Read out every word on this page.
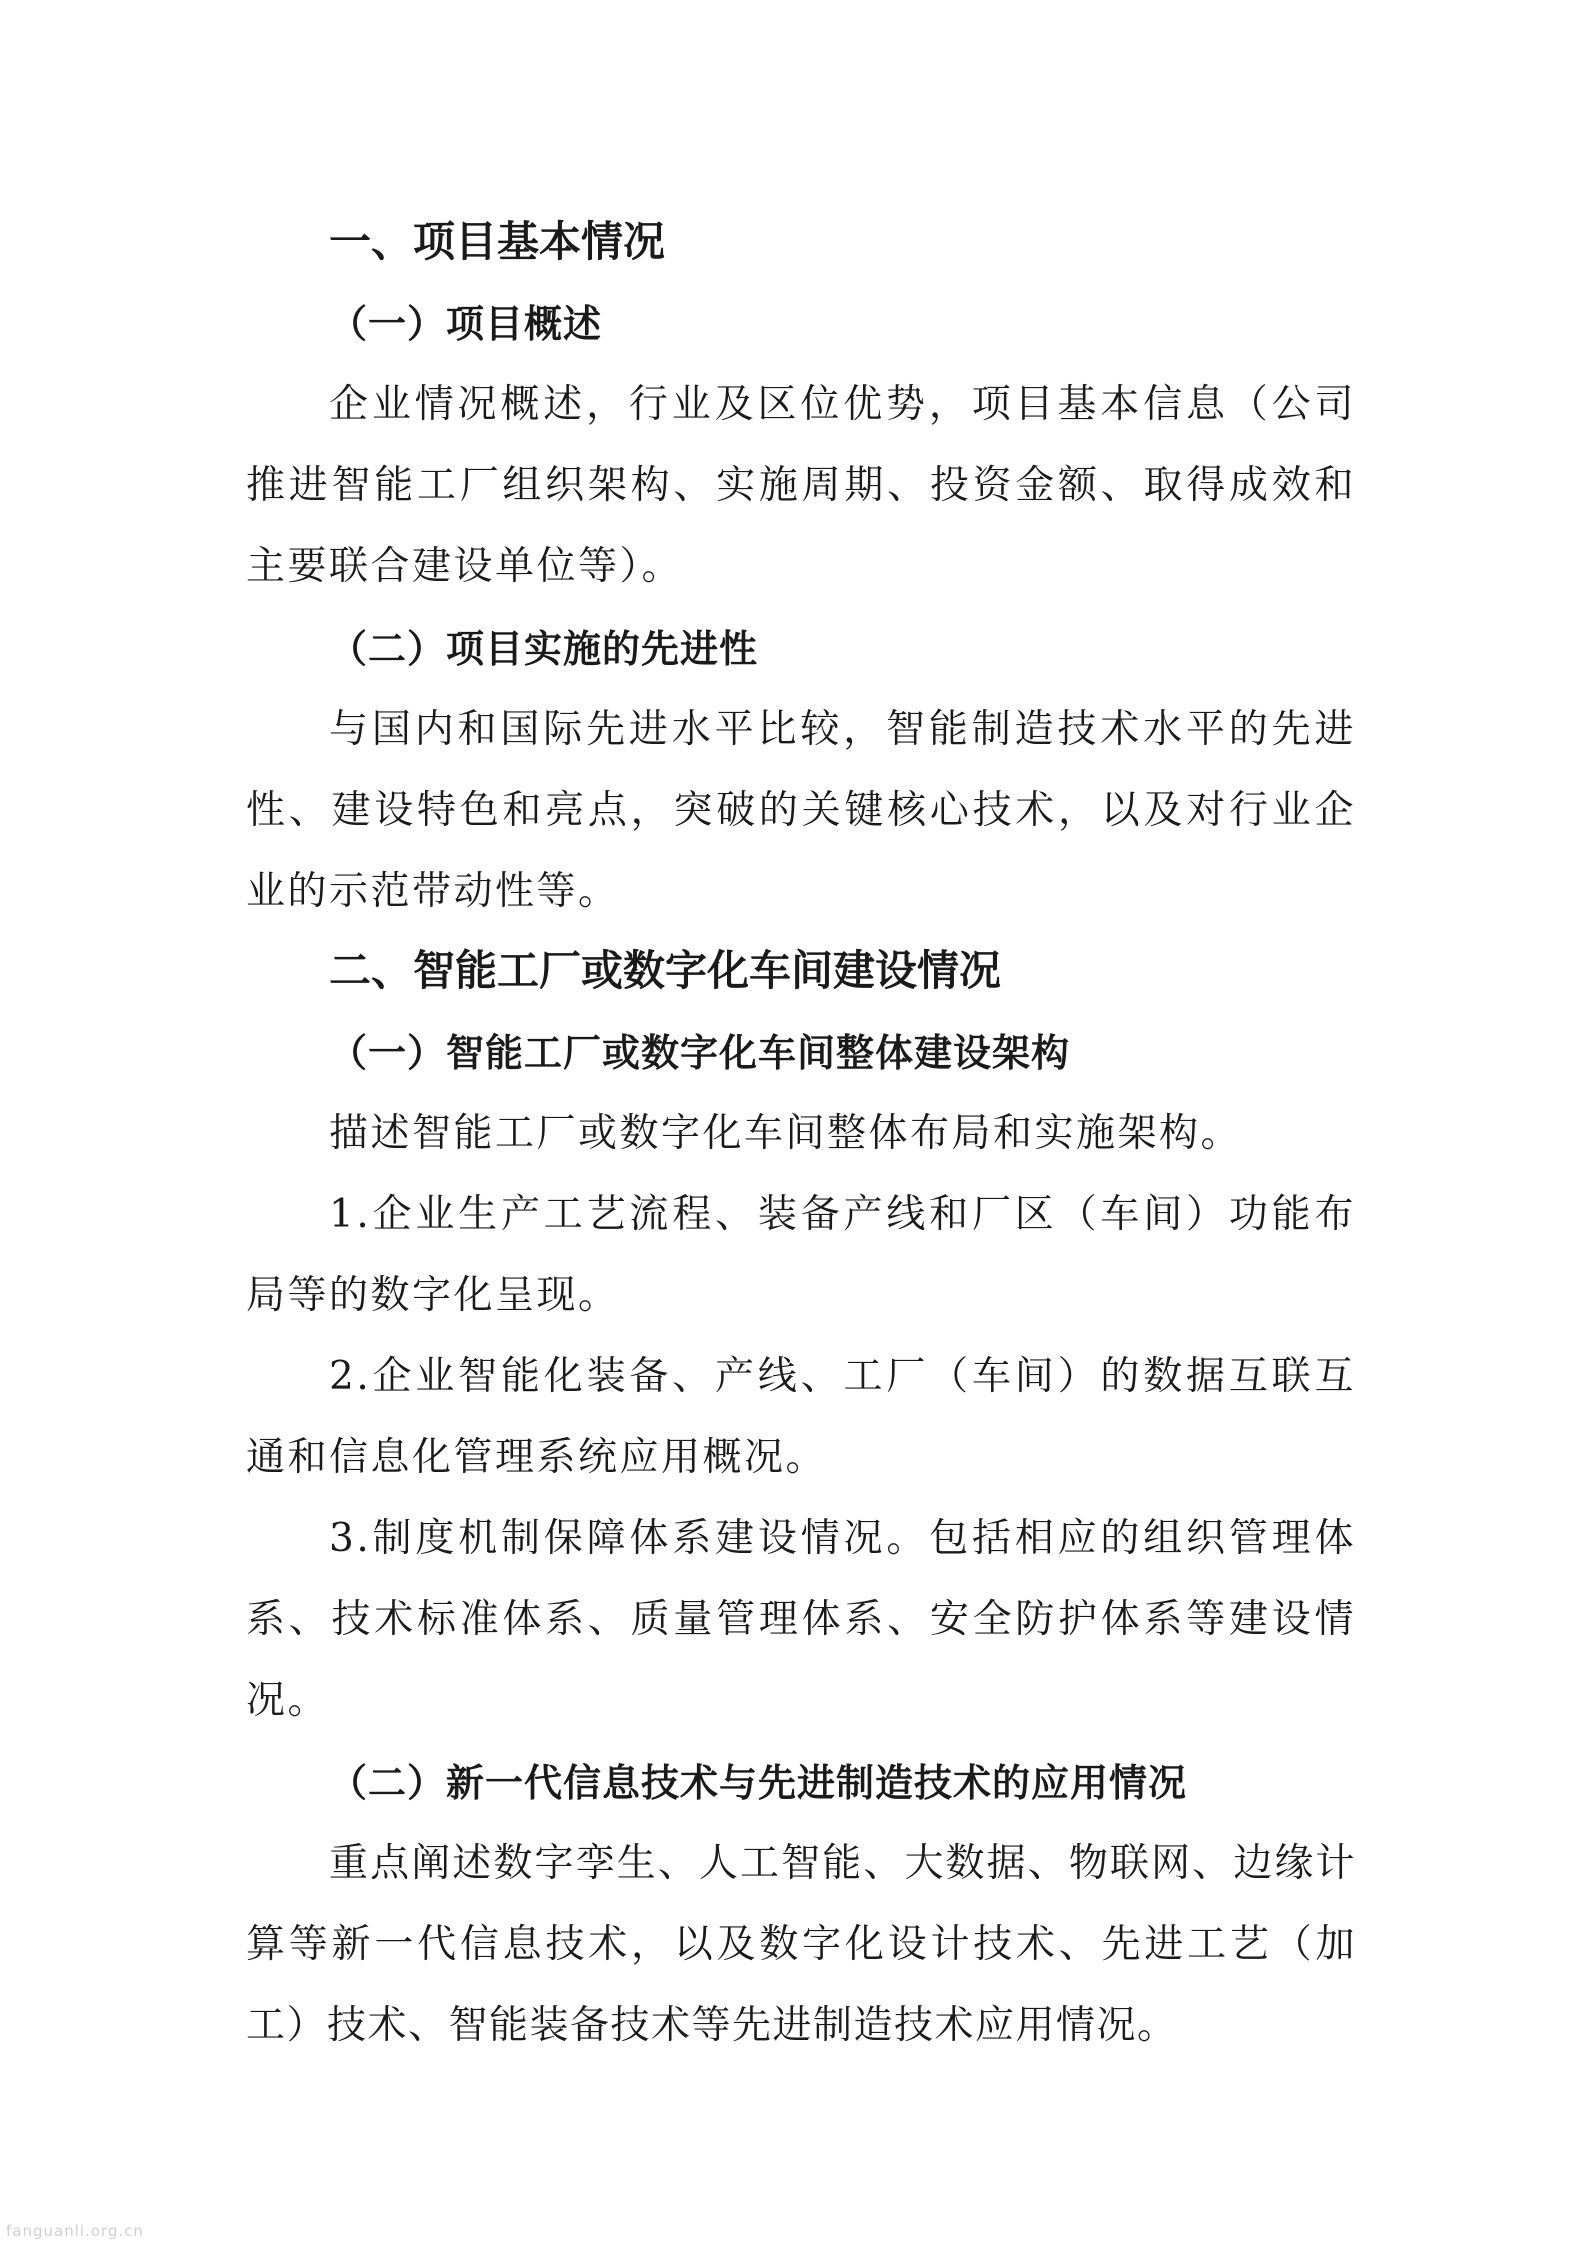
一、项目基本情况
（一）项目概述

企业情况概述，行业及区位优势，项目基本信息（公司推进智能工厂组织架构、实施周期、投资金额、取得成效和主要联合建设单位等）。

（二）项目实施的先进性

与国内和国际先进水平比较，智能制造技术水平的先进性、建设特色和亮点，突破的关键核心技术，以及对行业企业的示范带动性等。

二、智能工厂或数字化车间建设情况
（一）智能工厂或数字化车间整体建设架构

描述智能工厂或数字化车间整体布局和实施架构。

1.企业生产工艺流程、装备产线和厂区（车间）功能布局等的数字化呈现。

2.企业智能化装备、产线、工厂（车间）的数据互联互通和信息化管理系统应用概况。

3.制度机制保障体系建设情况。包括相应的组织管理体系、技术标准体系、质量管理体系、安全防护体系等建设情况。

（二）新一代信息技术与先进制造技术的应用情况

重点阐述数字孪生、人工智能、大数据、物联网、边缘计算等新一代信息技术，以及数字化设计技术、先进工艺（加工）技术、智能装备技术等先进制造技术应用情况。

fanguanli.org.cn
